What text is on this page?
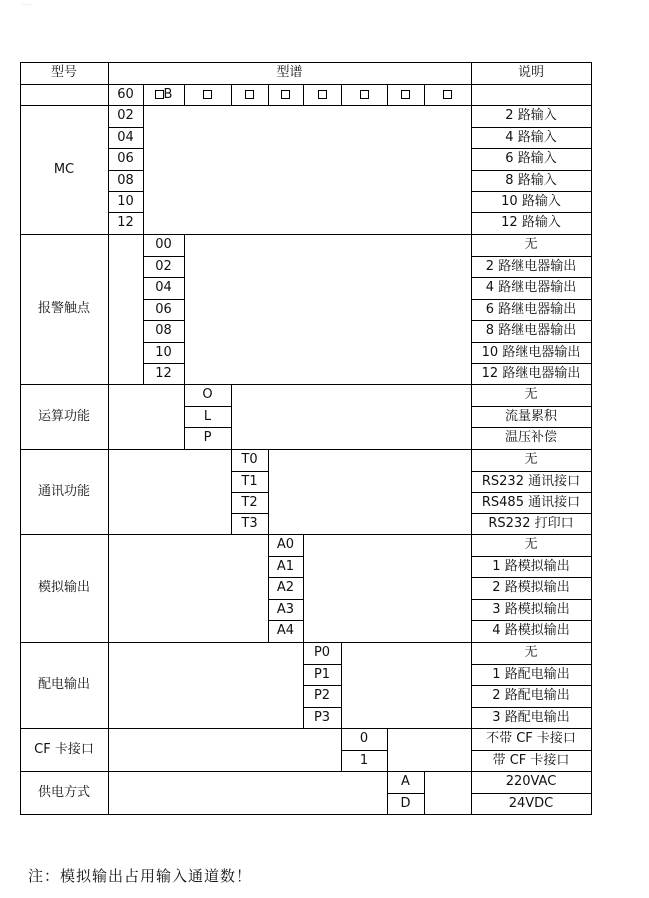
·····
型号	型谱	说明
60	B
MC
02	2 路输入
04	4 路输入
06	6 路输入
08	8 路输入
10	10 路输入
12	12 路输入
报警触点
00	无
02	2 路继电器输出
04	4 路继电器输出
06	6 路继电器输出
08	8 路继电器输出
10	10 路继电器输出
12	12 路继电器输出
运算功能
O	无
L	流量累积
P	温压补偿
通讯功能
T0	无
T1	RS232 通讯接口
T2	RS485 通讯接口
T3	RS232 打印口
模拟输出
A0	无
A1	1 路模拟输出
A2	2 路模拟输出
A3	3 路模拟输出
A4	4 路模拟输出
配电输出
P0	无
P1	1 路配电输出
P2	2 路配电输出
P3	3 路配电输出
CF 卡接口
0	不带 CF 卡接口
1	带 CF 卡接口
供电方式
A	220VAC
D	24VDC
注：模拟输出占用输入通道数！
